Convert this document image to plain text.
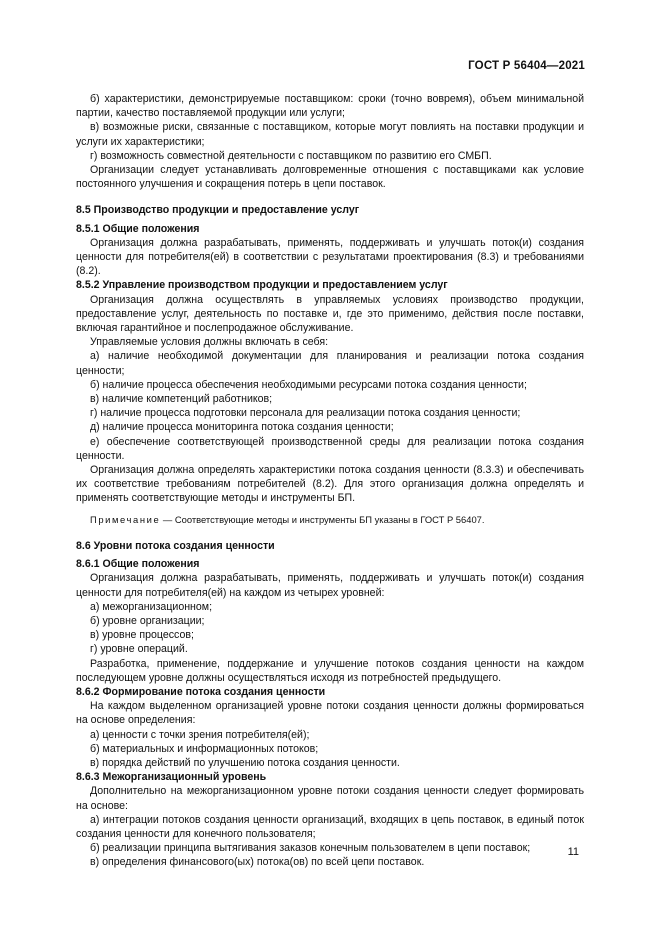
ГОСТ Р 56404—2021
б) характеристики, демонстрируемые поставщиком: сроки (точно вовремя), объем минимальной партии, качество поставляемой продукции или услуги;
в) возможные риски, связанные с поставщиком, которые могут повлиять на поставки продукции и услуги их характеристики;
г) возможность совместной деятельности с поставщиком по развитию его СМБП.
Организации следует устанавливать долговременные отношения с поставщиками как условие постоянного улучшения и сокращения потерь в цепи поставок.
8.5 Производство продукции и предоставление услуг
8.5.1 Общие положения
Организация должна разрабатывать, применять, поддерживать и улучшать поток(и) создания ценности для потребителя(ей) в соответствии с результатами проектирования (8.3) и требованиями (8.2).
8.5.2 Управление производством продукции и предоставлением услуг
Организация должна осуществлять в управляемых условиях производство продукции, предоставление услуг, деятельность по поставке и, где это применимо, действия после поставки, включая гарантийное и послепродажное обслуживание.
Управляемые условия должны включать в себя:
а) наличие необходимой документации для планирования и реализации потока создания ценности;
б) наличие процесса обеспечения необходимыми ресурсами потока создания ценности;
в) наличие компетенций работников;
г) наличие процесса подготовки персонала для реализации потока создания ценности;
д) наличие процесса мониторинга потока создания ценности;
е) обеспечение соответствующей производственной среды для реализации потока создания ценности.
Организация должна определять характеристики потока создания ценности (8.3.3) и обеспечивать их соответствие требованиям потребителей (8.2). Для этого организация должна определять и применять соответствующие методы и инструменты БП.
Примечание — Соответствующие методы и инструменты БП указаны в ГОСТ Р 56407.
8.6 Уровни потока создания ценности
8.6.1 Общие положения
Организация должна разрабатывать, применять, поддерживать и улучшать поток(и) создания ценности для потребителя(ей) на каждом из четырех уровней:
а) межорганизационном;
б) уровне организации;
в) уровне процессов;
г) уровне операций.
Разработка, применение, поддержание и улучшение потоков создания ценности на каждом последующем уровне должны осуществляться исходя из потребностей предыдущего.
8.6.2 Формирование потока создания ценности
На каждом выделенном организацией уровне потоки создания ценности должны формироваться на основе определения:
а) ценности с точки зрения потребителя(ей);
б) материальных и информационных потоков;
в) порядка действий по улучшению потока создания ценности.
8.6.3 Межорганизационный уровень
Дополнительно на межорганизационном уровне потоки создания ценности следует формировать на основе:
а) интеграции потоков создания ценности организаций, входящих в цепь поставок, в единый поток создания ценности для конечного пользователя;
б) реализации принципа вытягивания заказов конечным пользователем в цепи поставок;
в) определения финансового(ых) потока(ов) по всей цепи поставок.
11
